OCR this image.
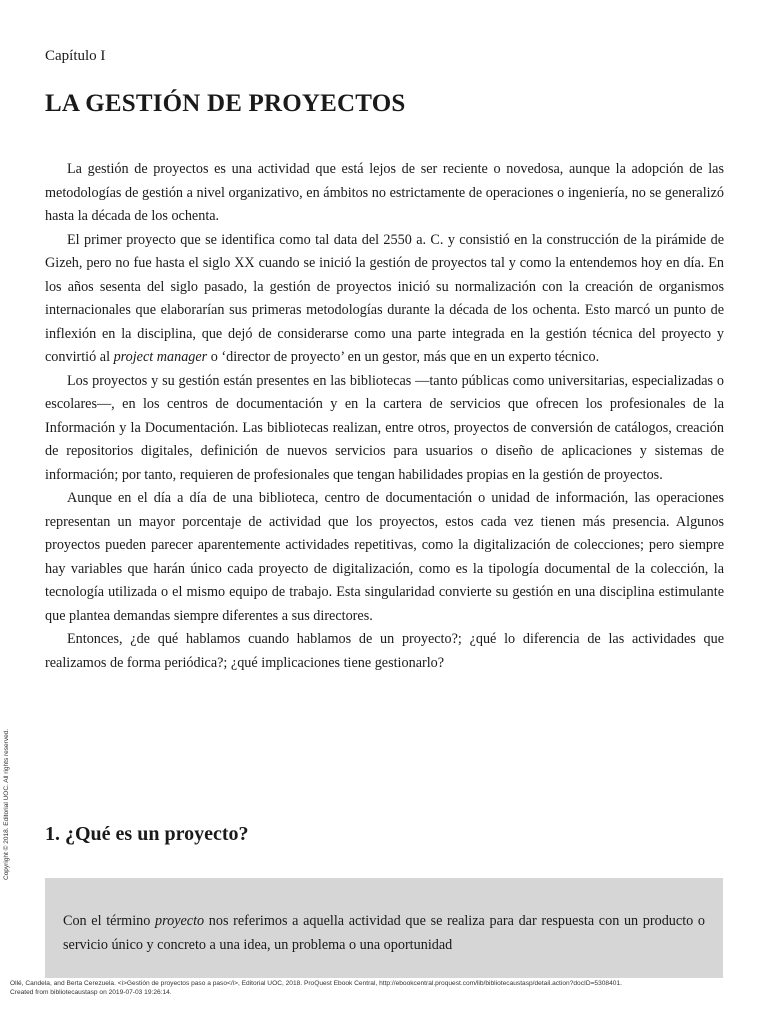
Capítulo I
LA GESTIÓN DE PROYECTOS

La gestión de proyectos es una actividad que está lejos de ser reciente o novedosa, aunque la adopción de las metodologías de gestión a nivel organizativo, en ámbitos no estrictamente de operaciones o ingeniería, no se generalizó hasta la década de los ochenta.

El primer proyecto que se identifica como tal data del 2550 a. C. y consistió en la construcción de la pirámide de Gizeh, pero no fue hasta el siglo XX cuando se inició la gestión de proyectos tal y como la entendemos hoy en día. En los años sesenta del siglo pasado, la gestión de proyectos inició su normalización con la creación de organismos internacionales que elaborarían sus primeras metodologías durante la década de los ochenta. Esto marcó un punto de inflexión en la disciplina, que dejó de considerarse como una parte integrada en la gestión técnica del proyecto y convirtió al project manager o ‘director de proyecto’ en un gestor, más que en un experto técnico.

Los proyectos y su gestión están presentes en las bibliotecas —tanto públicas como universitarias, especializadas o escolares—, en los centros de documentación y en la cartera de servicios que ofrecen los profesionales de la Información y la Documentación. Las bibliotecas realizan, entre otros, proyectos de conversión de catálogos, creación de repositorios digitales, definición de nuevos servicios para usuarios o diseño de aplicaciones y sistemas de información; por tanto, requieren de profesionales que tengan habilidades propias en la gestión de proyectos.

Aunque en el día a día de una biblioteca, centro de documentación o unidad de información, las operaciones representan un mayor porcentaje de actividad que los proyectos, estos cada vez tienen más presencia. Algunos proyectos pueden parecer aparentemente actividades repetitivas, como la digitalización de colecciones; pero siempre hay variables que harán único cada proyecto de digitalización, como es la tipología documental de la colección, la tecnología utilizada o el mismo equipo de trabajo. Esta singularidad convierte su gestión en una disciplina estimulante que plantea demandas siempre diferentes a sus directores.

Entonces, ¿de qué hablamos cuando hablamos de un proyecto?; ¿qué lo diferencia de las actividades que realizamos de forma periódica?; ¿qué implicaciones tiene gestionarlo?

1. ¿Qué es un proyecto?
Con el término proyecto nos referimos a aquella actividad que se realiza para dar respuesta con un producto o servicio único y concreto a una idea, un problema o una oportunidad
Copyright © 2018. Editorial UOC. All rights reserved.
Ollé, Candela, and Berta Cerezuela. <i>Gestión de proyectos paso a paso</i>, Editorial UOC, 2018. ProQuest Ebook Central, http://ebookcentral.proquest.com/lib/bibliotecaustasp/detail.action?docID=5308401.
Created from bibliotecaustasp on 2019-07-03 19:26:14.
